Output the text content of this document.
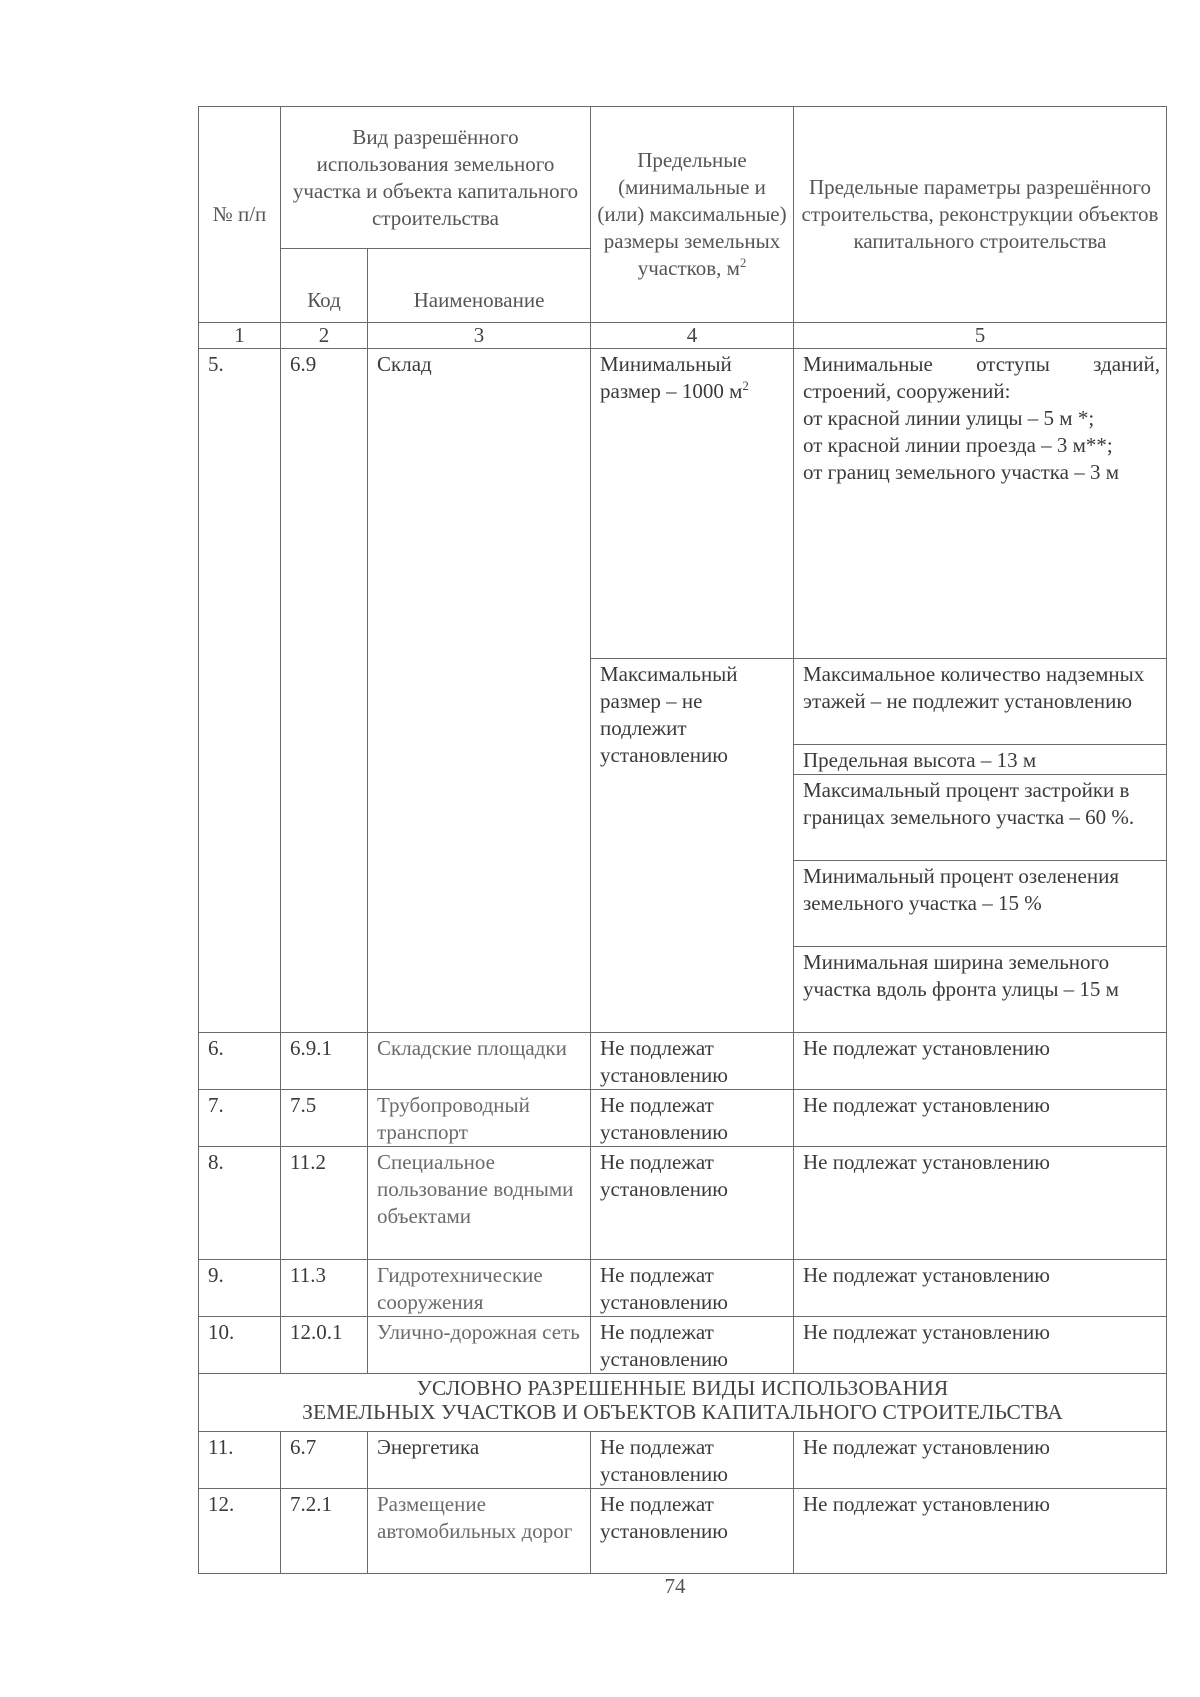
№ п/п	Вид разрешённого использования земельного участка и объекта капитального строительства		Предельные (минимальные и (или) максимальные) размеры земельных участков, $м^2$	Предельные параметры разрешённого строительства, реконструкции объектов капитального строительства
	Код	Наименование		
1	2	3	4	5
5.	6.9	Склад	Минимальный размер – 1000 $м^2$	Минимальные отступы зданий, строений, сооружений:
от красной линии улицы – 5 м *;
от красной линии проезда – 3 м**;
от границ земельного участка – 3 м

			Максимальный размер – не подлежит установлению	Максимальное количество надземных этажей – не подлежит установлению
				Предельная высота – 13 м
				Максимальный процент застройки в границах земельного участка – 60 %.
				Минимальный процент озеленения земельного участка – 15 %
				Минимальная ширина земельного участка вдоль фронта улицы – 15 м
6.	6.9.1	Складские площадки	Не подлежат установлению	Не подлежат установлению
7.	7.5	Трубопроводный транспорт	Не подлежат установлению	Не подлежат установлению
8.	11.2	Специальное пользование водными объектами	Не подлежат установлению	Не подлежат установлению
9.	11.3	Гидротехнические сооружения	Не подлежат установлению	Не подлежат установлению
10.	12.0.1	Улично-дорожная сеть	Не подлежат установлению	Не подлежат установлению

УСЛОВНО РАЗРЕШЕННЫЕ ВИДЫ ИСПОЛЬЗОВАНИЯ
ЗЕМЕЛЬНЫХ УЧАСТКОВ И ОБЪЕКТОВ КАПИТАЛЬНОГО СТРОИТЕЛЬСТВА				

11.	6.7	Энергетика	Не подлежат установлению	Не подлежат установлению
12.	7.2.1	Размещение автомобильных дорог	Не подлежат установлению	Не подлежат установлению
74
